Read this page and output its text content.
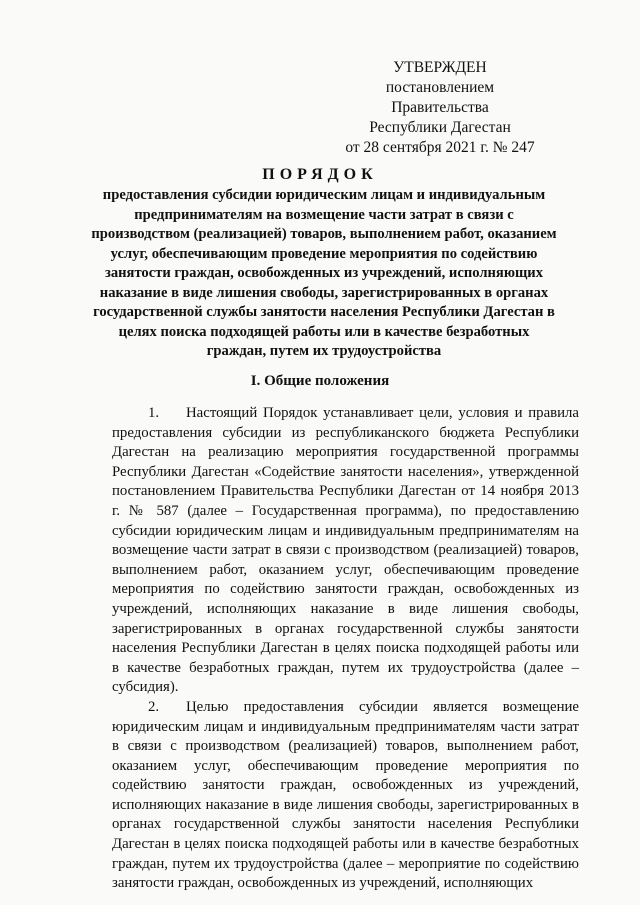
УТВЕРЖДЕН
постановлением Правительства
Республики Дагестан
от 28 сентября 2021 г. № 247
ПОРЯДОК
предоставления субсидии юридическим лицам и индивидуальным предпринимателям на возмещение части затрат в связи с производством (реализацией) товаров, выполнением работ, оказанием услуг, обеспечивающим проведение мероприятия по содействию занятости граждан, освобожденных из учреждений, исполняющих наказание в виде лишения свободы, зарегистрированных в органах государственной службы занятости населения Республики Дагестан в целях поиска подходящей работы или в качестве безработных граждан, путем их трудоустройства
I. Общие положения

1. Настоящий Порядок устанавливает цели, условия и правила предоставления субсидии из республиканского бюджета Республики Дагестан на реализацию мероприятия государственной программы Республики Дагестан «Содействие занятости населения», утвержденной постановлением Правительства Республики Дагестан от 14 ноября 2013 г. № 587 (далее – Государственная программа), по предоставлению субсидии юридическим лицам и индивидуальным предпринимателям на возмещение части затрат в связи с производством (реализацией) товаров, выполнением работ, оказанием услуг, обеспечивающим проведение мероприятия по содействию занятости граждан, освобожденных из учреждений, исполняющих наказание в виде лишения свободы, зарегистрированных в органах государственной службы занятости населения Республики Дагестан в целях поиска подходящей работы или в качестве безработных граждан, путем их трудоустройства (далее – субсидия).

2. Целью предоставления субсидии является возмещение юридическим лицам и индивидуальным предпринимателям части затрат в связи с производством (реализацией) товаров, выполнением работ, оказанием услуг, обеспечивающим проведение мероприятия по содействию занятости граждан, освобожденных из учреждений, исполняющих наказание в виде лишения свободы, зарегистрированных в органах государственной службы занятости населения Республики Дагестан в целях поиска подходящей работы или в качестве безработных граждан, путем их трудоустройства (далее – мероприятие по содействию занятости граждан, освобожденных из учреждений, исполняющих
